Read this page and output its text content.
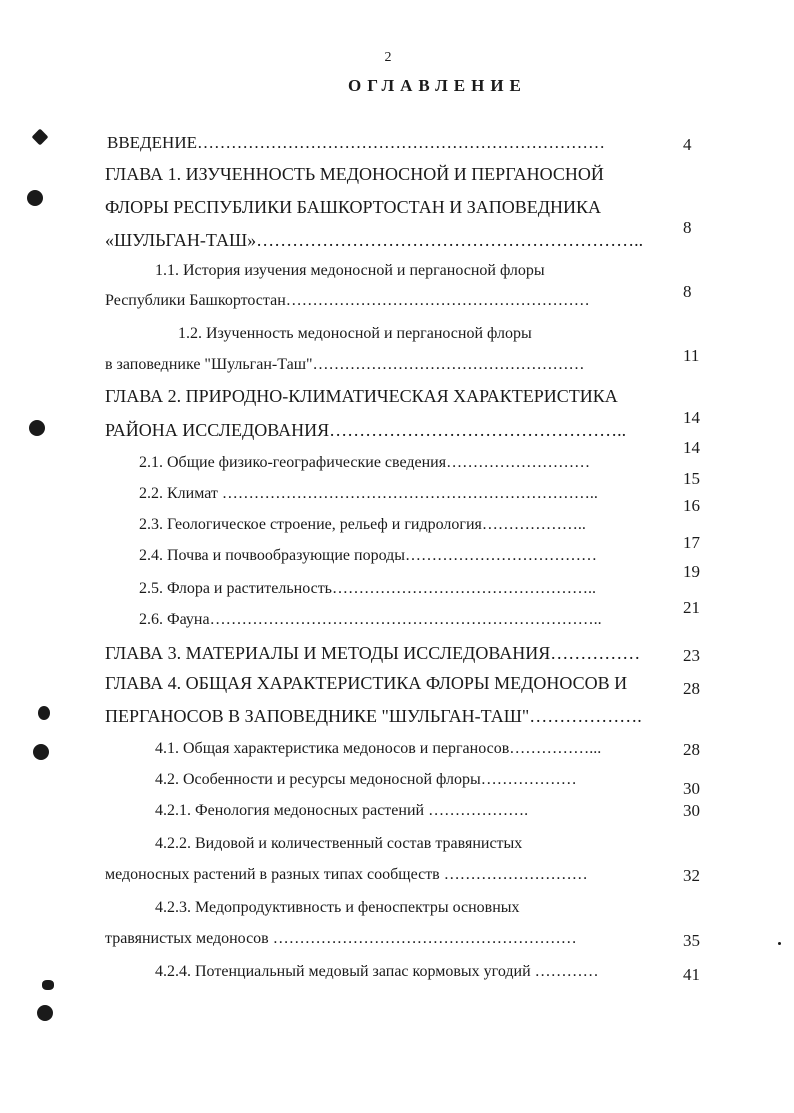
2
ОГЛАВЛЕНИЕ
ВВЕДЕНИЕ………………………………………………………………
ГЛАВА 1. ИЗУЧЕННОСТЬ МЕДОНОСНОЙ И ПЕРГАНОСНОЙ
ФЛОРЫ РЕСПУБЛИКИ БАШКОРТОСТАН И ЗАПОВЕДНИКА
«ШУЛЬГАН-ТАШ»………………………………………………………..
1.1. История изучения медоносной и перганосной флоры
Республики Башкортостан…………………………………………………
1.2. Изученность медоносной и перганосной флоры
в заповеднике "Шульган-Таш"……………………………………………
ГЛАВА 2. ПРИРОДНО-КЛИМАТИЧЕСКАЯ ХАРАКТЕРИСТИКА
РАЙОНА ИССЛЕДОВАНИЯ…………………………………………..
2.1. Общие физико-географические сведения………………………
2.2. Климат ……………………………………………………………..
2.3. Геологическое строение, рельеф и гидрология………………..
2.4. Почва и почвообразующие породы………………………………
2.5. Флора и растительность…………………………………………..
2.6. Фауна………………………………………………………………..
ГЛАВА 3. МАТЕРИАЛЫ И МЕТОДЫ ИССЛЕДОВАНИЯ……………
ГЛАВА 4. ОБЩАЯ ХАРАКТЕРИСТИКА ФЛОРЫ МЕДОНОСОВ И
ПЕРГАНОСОВ В ЗАПОВЕДНИКЕ "ШУЛЬГАН-ТАШ"……………….
4.1. Общая характеристика медоносов и перганосов……………...
4.2. Особенности и ресурсы медоносной флоры………………
4.2.1. Фенология медоносных растений ……………….
4.2.2. Видовой и количественный состав травянистых
медоносных растений в разных типах сообществ ………………………
4.2.3. Медопродуктивность и феноспектры основных
травянистых медоносов …………………………………………………
4.2.4. Потенциальный медовый запас кормовых угодий …………
4
8
8
11
14
14
15
16
17
19
21
23
28
28
30
30
32
35
41
